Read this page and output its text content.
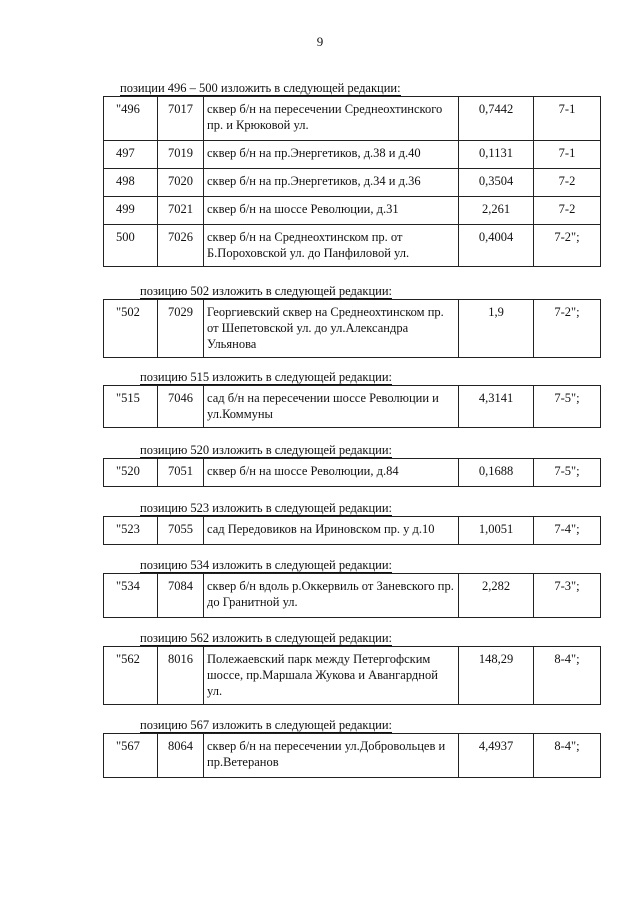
9
позиции 496 – 500 изложить в следующей редакции:
"496	7017	сквер б/н на пересечении Среднеохтинского пр. и Крюковой ул.	0,7442	7-1
497	7019	сквер б/н на пр.Энергетиков, д.38 и д.40	0,1131	7-1
498	7020	сквер б/н на пр.Энергетиков, д.34 и д.36	0,3504	7-2
499	7021	сквер б/н на шоссе Революции, д.31	2,261	7-2
500	7026	сквер б/н на Среднеохтинском пр. от Б.Пороховской ул. до Панфиловой ул.	0,4004	7-2";
позицию 502 изложить в следующей редакции:
"502	7029	Георгиевский сквер на Среднеохтинском пр. от Шепетовской ул. до ул.Александра Ульянова	1,9	7-2";
позицию 515 изложить в следующей редакции:
"515	7046	сад б/н на пересечении шоссе Революции и ул.Коммуны	4,3141	7-5";
позицию 520 изложить в следующей редакции:
"520	7051	сквер б/н на шоссе Революции, д.84	0,1688	7-5";
позицию 523 изложить в следующей редакции:
"523	7055	сад Передовиков на Ириновском пр. у д.10	1,0051	7-4";
позицию 534 изложить в следующей редакции:
"534	7084	сквер б/н вдоль р.Оккервиль от Заневского пр. до Гранитной ул.	2,282	7-3";
позицию 562 изложить в следующей редакции:
"562	8016	Полежаевский парк между Петергофским шоссе, пр.Маршала Жукова и Авангардной ул.	148,29	8-4";
позицию 567 изложить в следующей редакции:
"567	8064	сквер б/н на пересечении ул.Добровольцев и пр.Ветеранов	4,4937	8-4";
